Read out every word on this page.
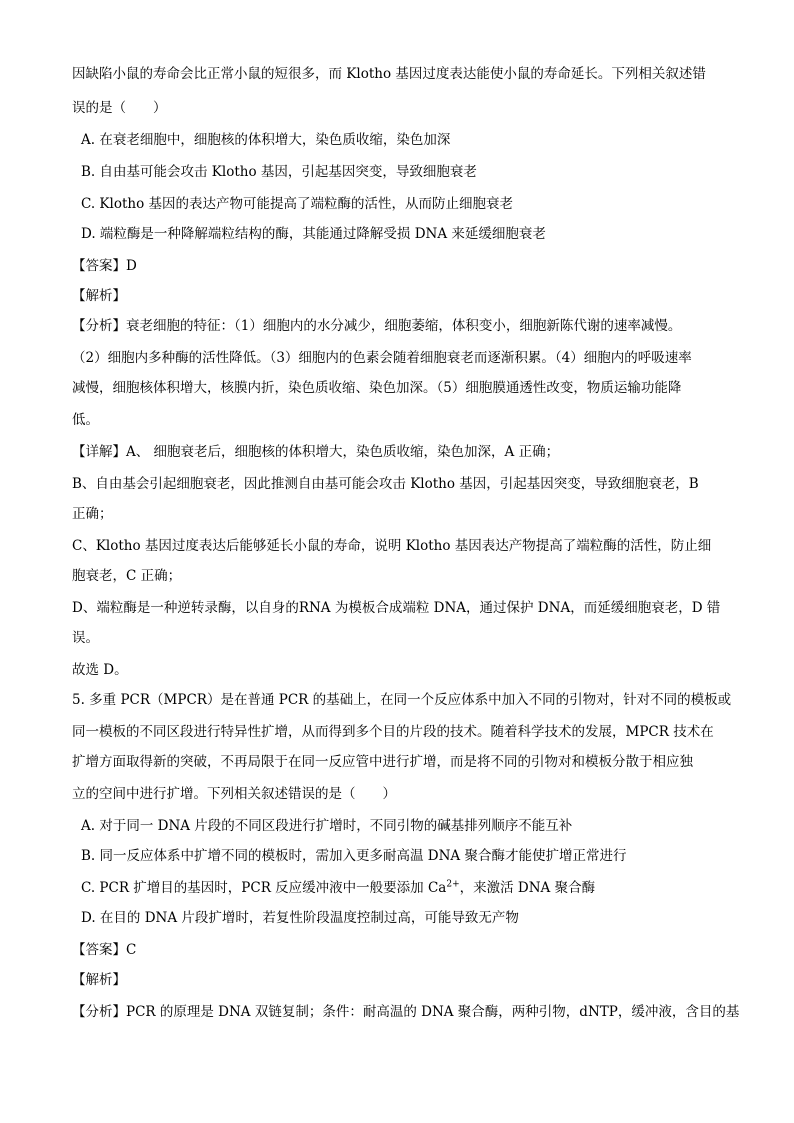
因缺陷小鼠的寿命会比正常小鼠的短很多，而 Klotho 基因过度表达能使小鼠的寿命延长。下列相关叙述错
误的是（　　）
A. 在衰老细胞中，细胞核的体积增大，染色质收缩，染色加深
B. 自由基可能会攻击 Klotho 基因，引起基因突变，导致细胞衰老
C. Klotho 基因的表达产物可能提高了端粒酶的活性，从而防止细胞衰老
D. 端粒酶是一种降解端粒结构的酶，其能通过降解受损 DNA 来延缓细胞衰老
【答案】D
【解析】
【分析】衰老细胞的特征：（1）细胞内的水分减少，细胞萎缩，体积变小，细胞新陈代谢的速率减慢。
（2）细胞内多种酶的活性降低。（3）细胞内的色素会随着细胞衰老而逐渐积累。（4）细胞内的呼吸速率
减慢，细胞核体积增大，核膜内折，染色质收缩、染色加深。（5）细胞膜通透性改变，物质运输功能降
低。
【详解】A、 细胞衰老后，细胞核的体积增大，染色质收缩，染色加深，A 正确；
B、自由基会引起细胞衰老，因此推测自由基可能会攻击 Klotho 基因，引起基因突变，导致细胞衰老，B
正确；
C、Klotho 基因过度表达后能够延长小鼠的寿命，说明 Klotho 基因表达产物提高了端粒酶的活性，防止细
胞衰老，C 正确；
D、端粒酶是一种逆转录酶，以自身的RNA 为模板合成端粒 DNA，通过保护 DNA，而延缓细胞衰老，D 错
误。
故选 D。
5. 多重 PCR（MPCR）是在普通 PCR 的基础上，在同一个反应体系中加入不同的引物对，针对不同的模板或
同一模板的不同区段进行特异性扩增，从而得到多个目的片段的技术。随着科学技术的发展，MPCR 技术在
扩增方面取得新的突破，不再局限于在同一反应管中进行扩增，而是将不同的引物对和模板分散于相应独
立的空间中进行扩增。下列相关叙述错误的是（　　）
A. 对于同一 DNA 片段的不同区段进行扩增时，不同引物的碱基排列顺序不能互补
B. 同一反应体系中扩增不同的模板时，需加入更多耐高温 DNA 聚合酶才能使扩增正常进行
C. PCR 扩增目的基因时，PCR 反应缓冲液中一般要添加 $Ca^{2+}$，来激活 DNA 聚合酶
D. 在目的 DNA 片段扩增时，若复性阶段温度控制过高，可能导致无产物
【答案】C
【解析】
【分析】PCR 的原理是 DNA 双链复制；条件：耐高温的 DNA 聚合酶，两种引物，dNTP，缓冲液，含目的基
